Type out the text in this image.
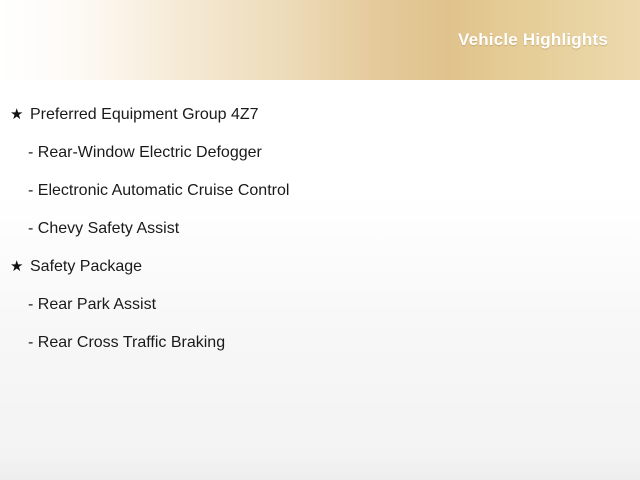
Vehicle Highlights
★ Preferred Equipment Group 4Z7
- Rear-Window Electric Defogger
- Electronic Automatic Cruise Control
- Chevy Safety Assist
★ Safety Package
- Rear Park Assist
- Rear Cross Traffic Braking
